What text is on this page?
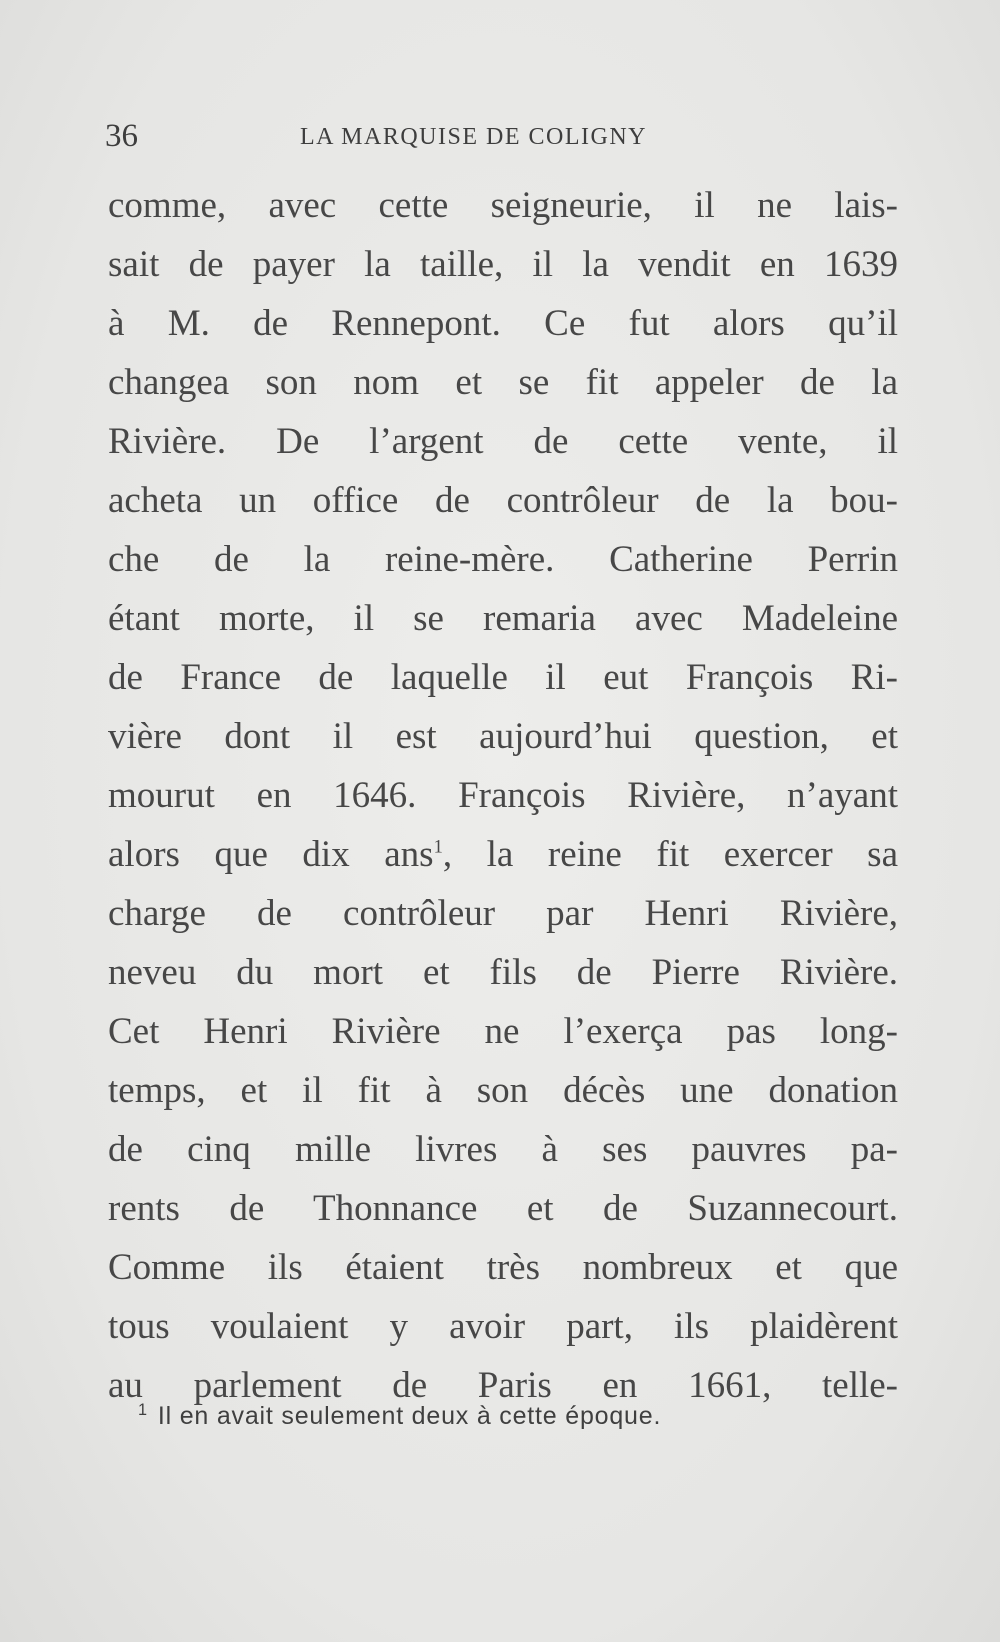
36	LA MARQUISE DE COLIGNY
comme, avec cette seigneurie, il ne lais-
sait de payer la taille, il la vendit en 1639
à M. de Rennepont. Ce fut alors qu’il
changea son nom et se fit appeler de la
Rivière. De l’argent de cette vente, il
acheta un office de contrôleur de la bou-
che de la reine-mère. Catherine Perrin
étant morte, il se remaria avec Madeleine
de France de laquelle il eut François Ri-
vière dont il est aujourd’hui question, et
mourut en 1646. François Rivière, n’ayant
alors que dix ans$^1$, la reine fit exercer sa
charge de contrôleur par Henri Rivière,
neveu du mort et fils de Pierre Rivière.
Cet Henri Rivière ne l’exerça pas long-
temps, et il fit à son décès une donation
de cinq mille livres à ses pauvres pa-
rents de Thonnance et de Suzannecourt.
Comme ils étaient très nombreux et que
tous voulaient y avoir part, ils plaidèrent
au parlement de Paris en 1661, telle-
$^1$ Il en avait seulement deux à cette époque.
